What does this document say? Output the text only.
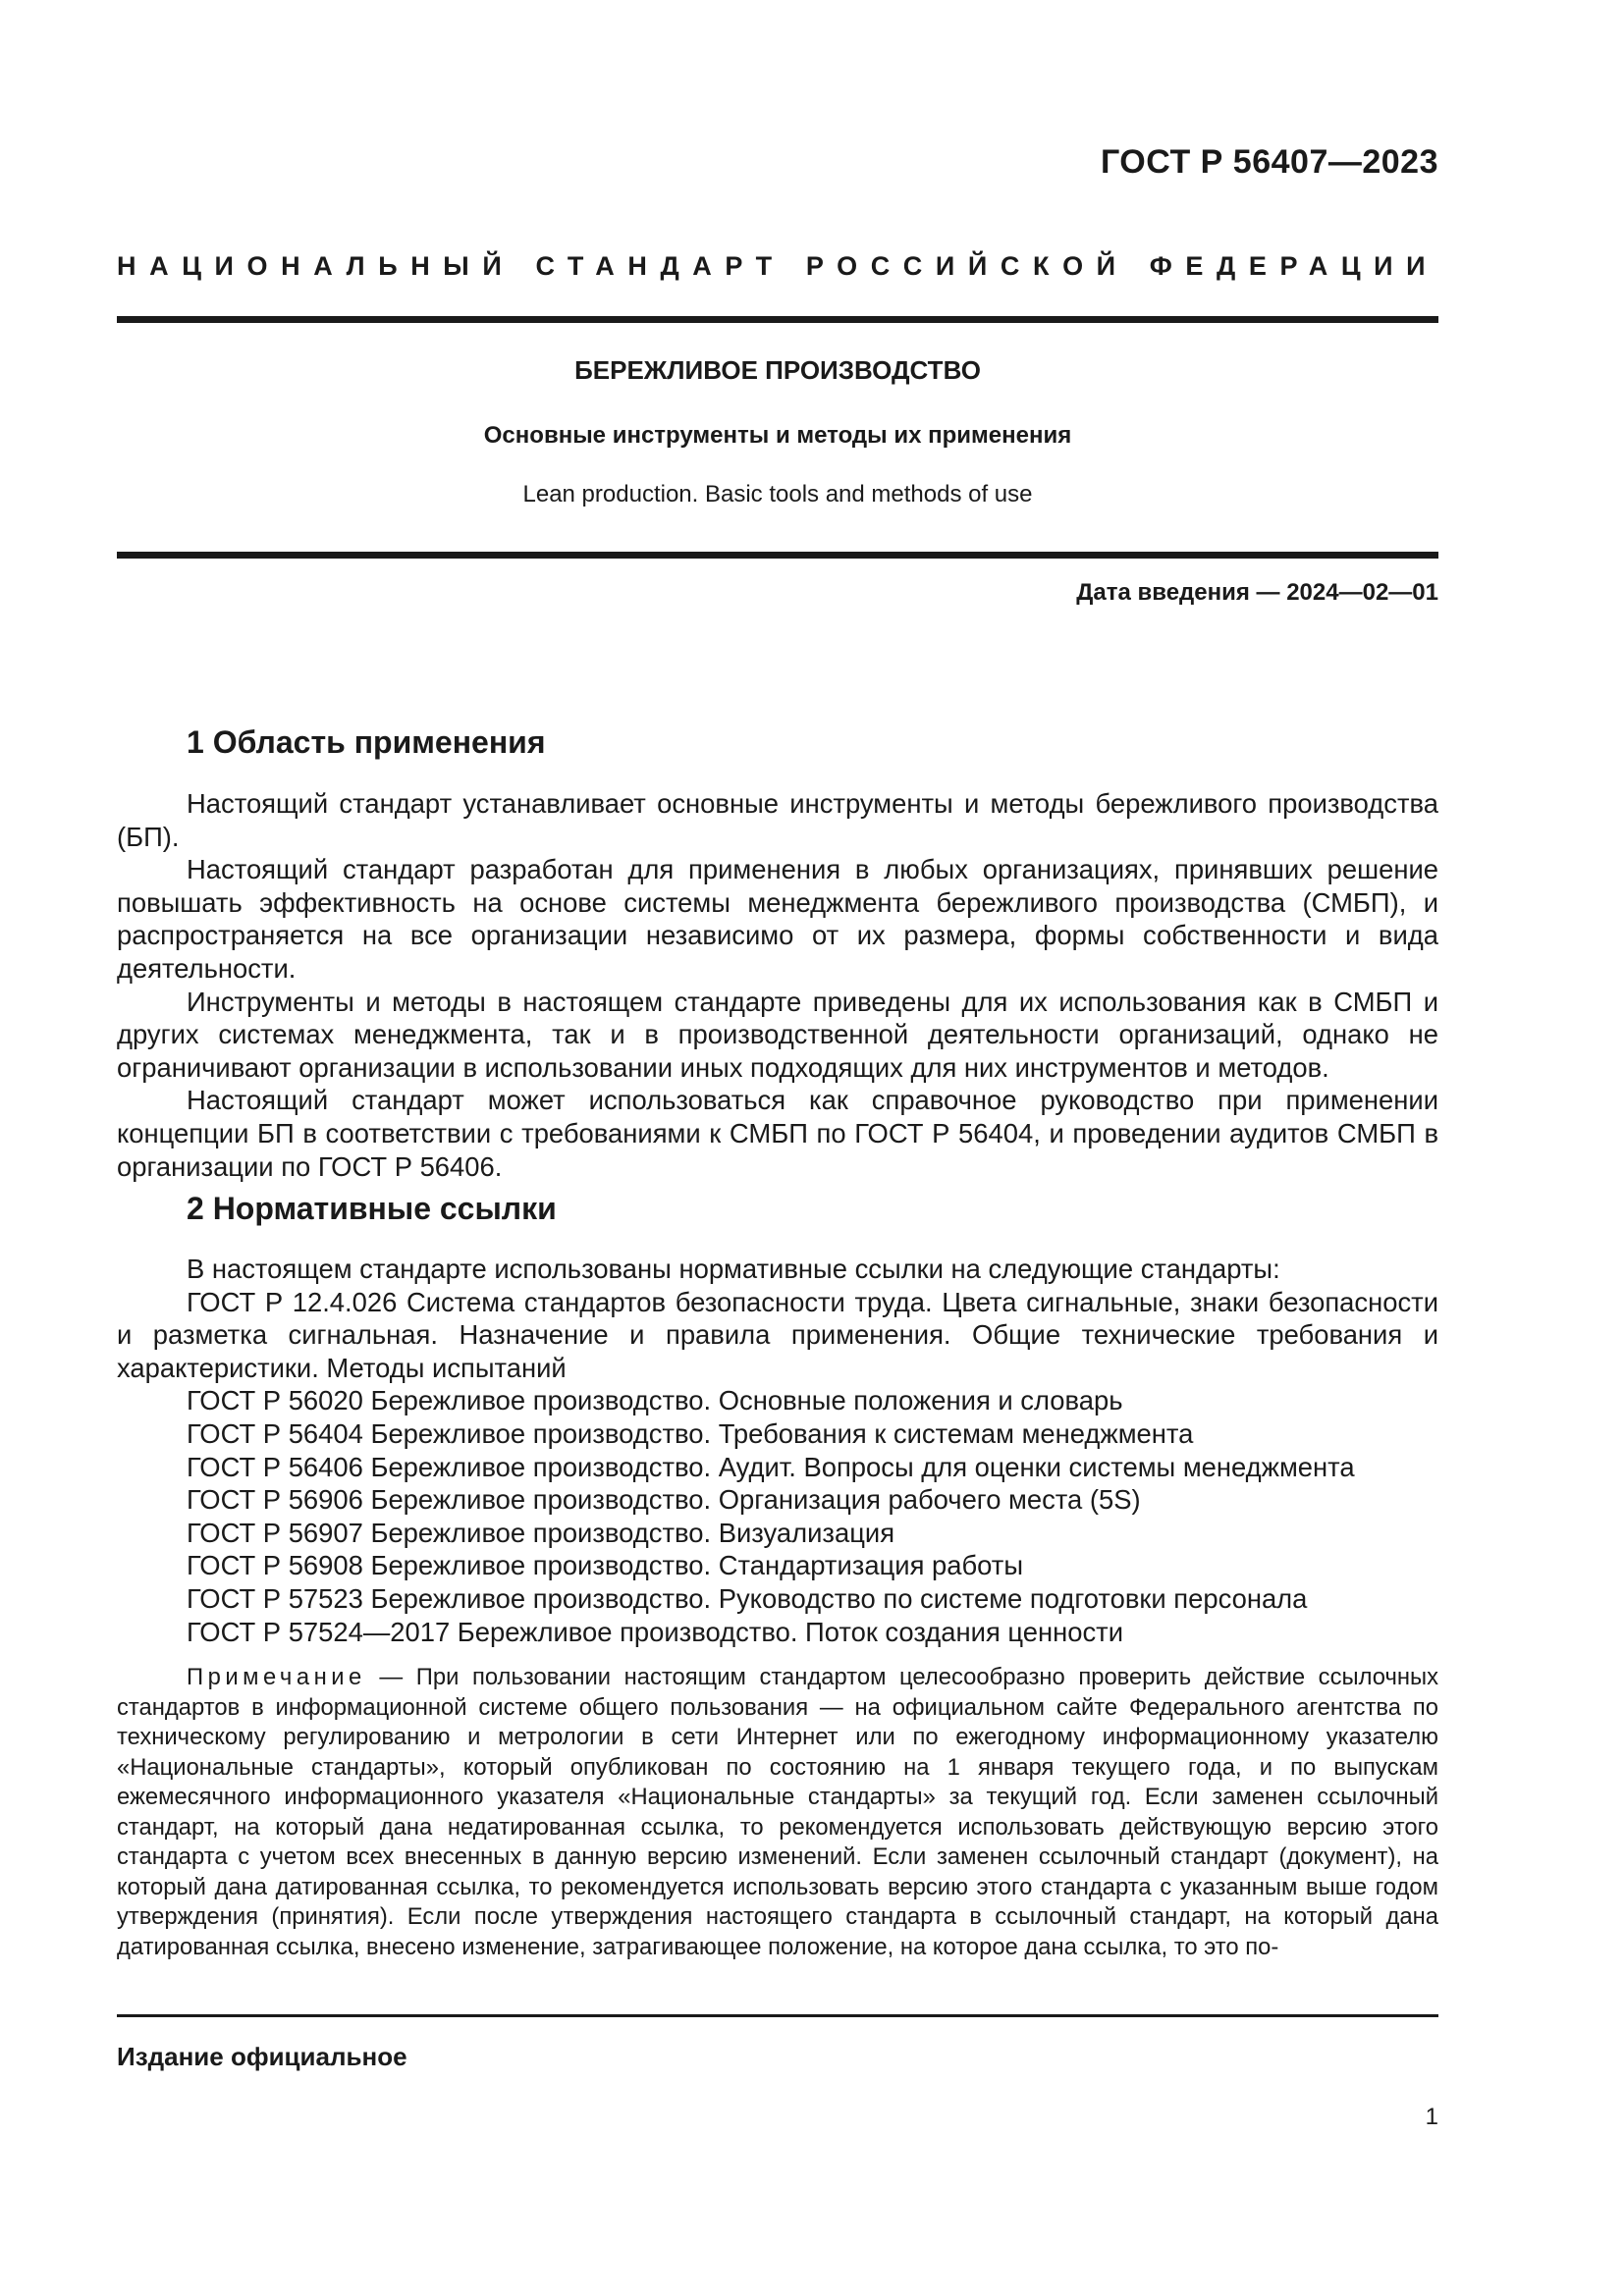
ГОСТ Р 56407—2023
НАЦИОНАЛЬНЫЙ СТАНДАРТ РОССИЙСКОЙ ФЕДЕРАЦИИ
БЕРЕЖЛИВОЕ ПРОИЗВОДСТВО
Основные инструменты и методы их применения
Lean production. Basic tools and methods of use
Дата введения — 2024—02—01
1 Область применения

Настоящий стандарт устанавливает основные инструменты и методы бережливого производства (БП).

Настоящий стандарт разработан для применения в любых организациях, принявших решение повышать эффективность на основе системы менеджмента бережливого производства (СМБП), и распространяется на все организации независимо от их размера, формы собственности и вида деятельности.

Инструменты и методы в настоящем стандарте приведены для их использования как в СМБП и других системах менеджмента, так и в производственной деятельности организаций, однако не ограничивают организации в использовании иных подходящих для них инструментов и методов.

Настоящий стандарт может использоваться как справочное руководство при применении концепции БП в соответствии с требованиями к СМБП по ГОСТ Р 56404, и проведении аудитов СМБП в организации по ГОСТ Р 56406.

2 Нормативные ссылки

В настоящем стандарте использованы нормативные ссылки на следующие стандарты:

ГОСТ Р 12.4.026 Система стандартов безопасности труда. Цвета сигнальные, знаки безопасности и разметка сигнальная. Назначение и правила применения. Общие технические требования и характеристики. Методы испытаний

ГОСТ Р 56020 Бережливое производство. Основные положения и словарь

ГОСТ Р 56404 Бережливое производство. Требования к системам менеджмента

ГОСТ Р 56406 Бережливое производство. Аудит. Вопросы для оценки системы менеджмента

ГОСТ Р 56906 Бережливое производство. Организация рабочего места (5S)

ГОСТ Р 56907 Бережливое производство. Визуализация

ГОСТ Р 56908 Бережливое производство. Стандартизация работы

ГОСТ Р 57523 Бережливое производство. Руководство по системе подготовки персонала

ГОСТ Р 57524—2017 Бережливое производство. Поток создания ценности

Примечание — При пользовании настоящим стандартом целесообразно проверить действие ссылочных стандартов в информационной системе общего пользования — на официальном сайте Федерального агентства по техническому регулированию и метрологии в сети Интернет или по ежегодному информационному указателю «Национальные стандарты», который опубликован по состоянию на 1 января текущего года, и по выпускам ежемесячного информационного указателя «Национальные стандарты» за текущий год. Если заменен ссылочный стандарт, на который дана недатированная ссылка, то рекомендуется использовать действующую версию этого стандарта с учетом всех внесенных в данную версию изменений. Если заменен ссылочный стандарт (документ), на который дана датированная ссылка, то рекомендуется использовать версию этого стандарта с указанным выше годом утверждения (принятия). Если после утверждения настоящего стандарта в ссылочный стандарт, на который дана датированная ссылка, внесено изменение, затрагивающее положение, на которое дана ссылка, то это по-

Издание официальное
1
